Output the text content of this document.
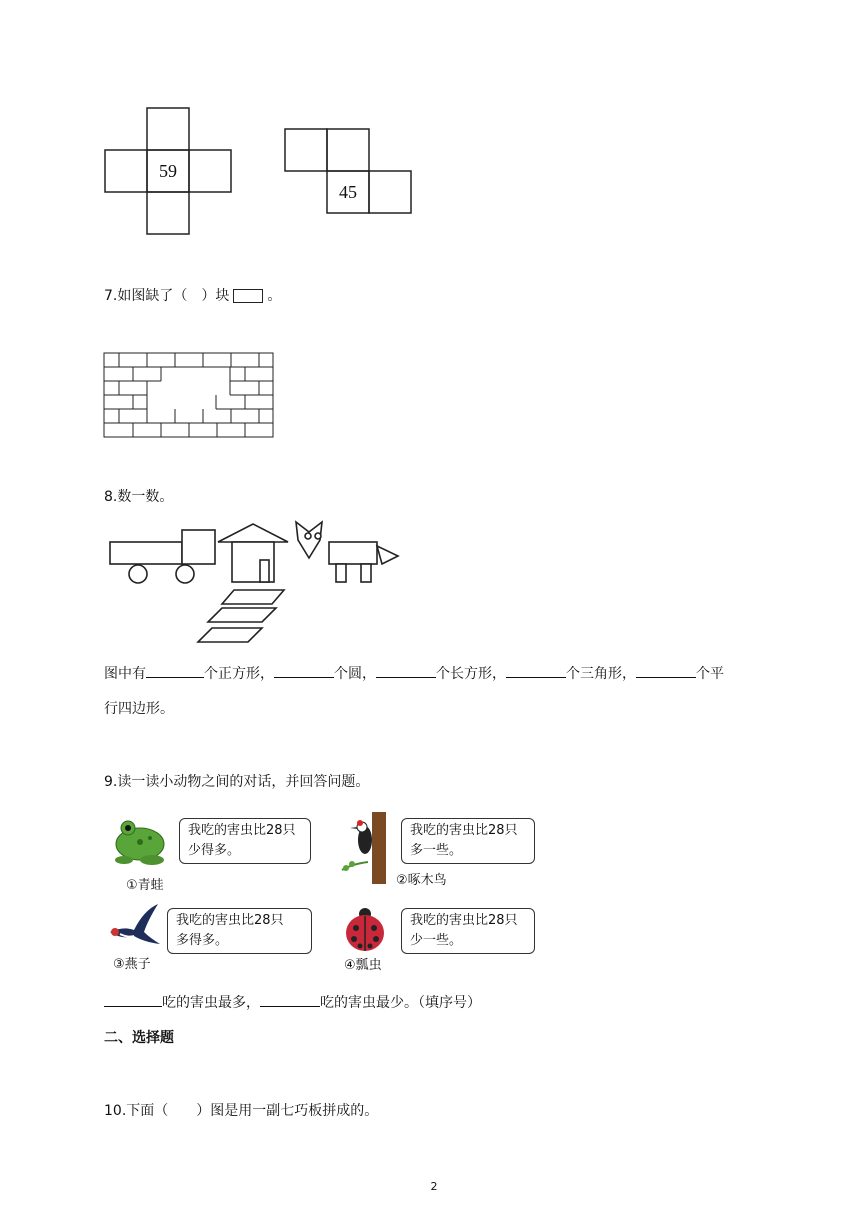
59
45
7.如图缺了（　）块	。
8.数一数。
图中有	个正方形，	个圆，	个长方形，	个三角形，	个平
行四边形。
9.读一读小动物之间的对话，并回答问题。
我吃的害虫比28只
少得多。
①青蛙
我吃的害虫比28只
多一些。
②啄木鸟
我吃的害虫比28只
多得多。
③燕子
我吃的害虫比28只
少一些。
④瓢虫
吃的害虫最多，	吃的害虫最少。（填序号）
二、选择题
10.下面（　　）图是用一副七巧板拼成的。
2
